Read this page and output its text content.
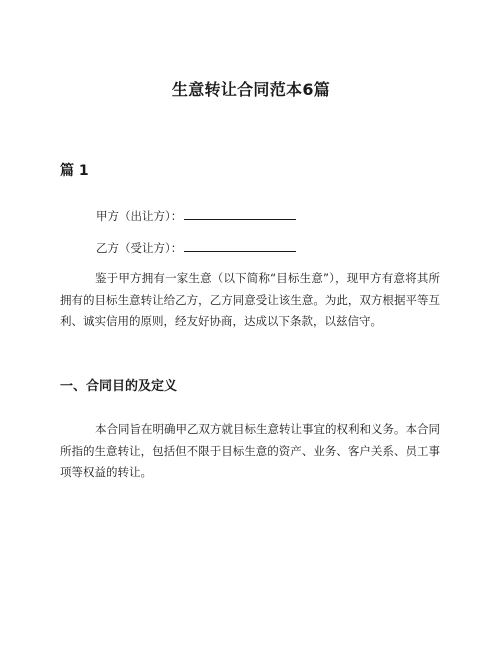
生意转让合同范本6篇
篇 1
甲方（出让方）：
乙方（受让方）：
鉴于甲方拥有一家生意（以下简称“目标生意”），现甲方有意将其所拥有的目标生意转让给乙方，乙方同意受让该生意。为此，双方根据平等互利、诚实信用的原则，经友好协商，达成以下条款，以兹信守。
一、合同目的及定义
本合同旨在明确甲乙双方就目标生意转让事宜的权利和义务。本合同所指的生意转让，包括但不限于目标生意的资产、业务、客户关系、员工事项等权益的转让。
